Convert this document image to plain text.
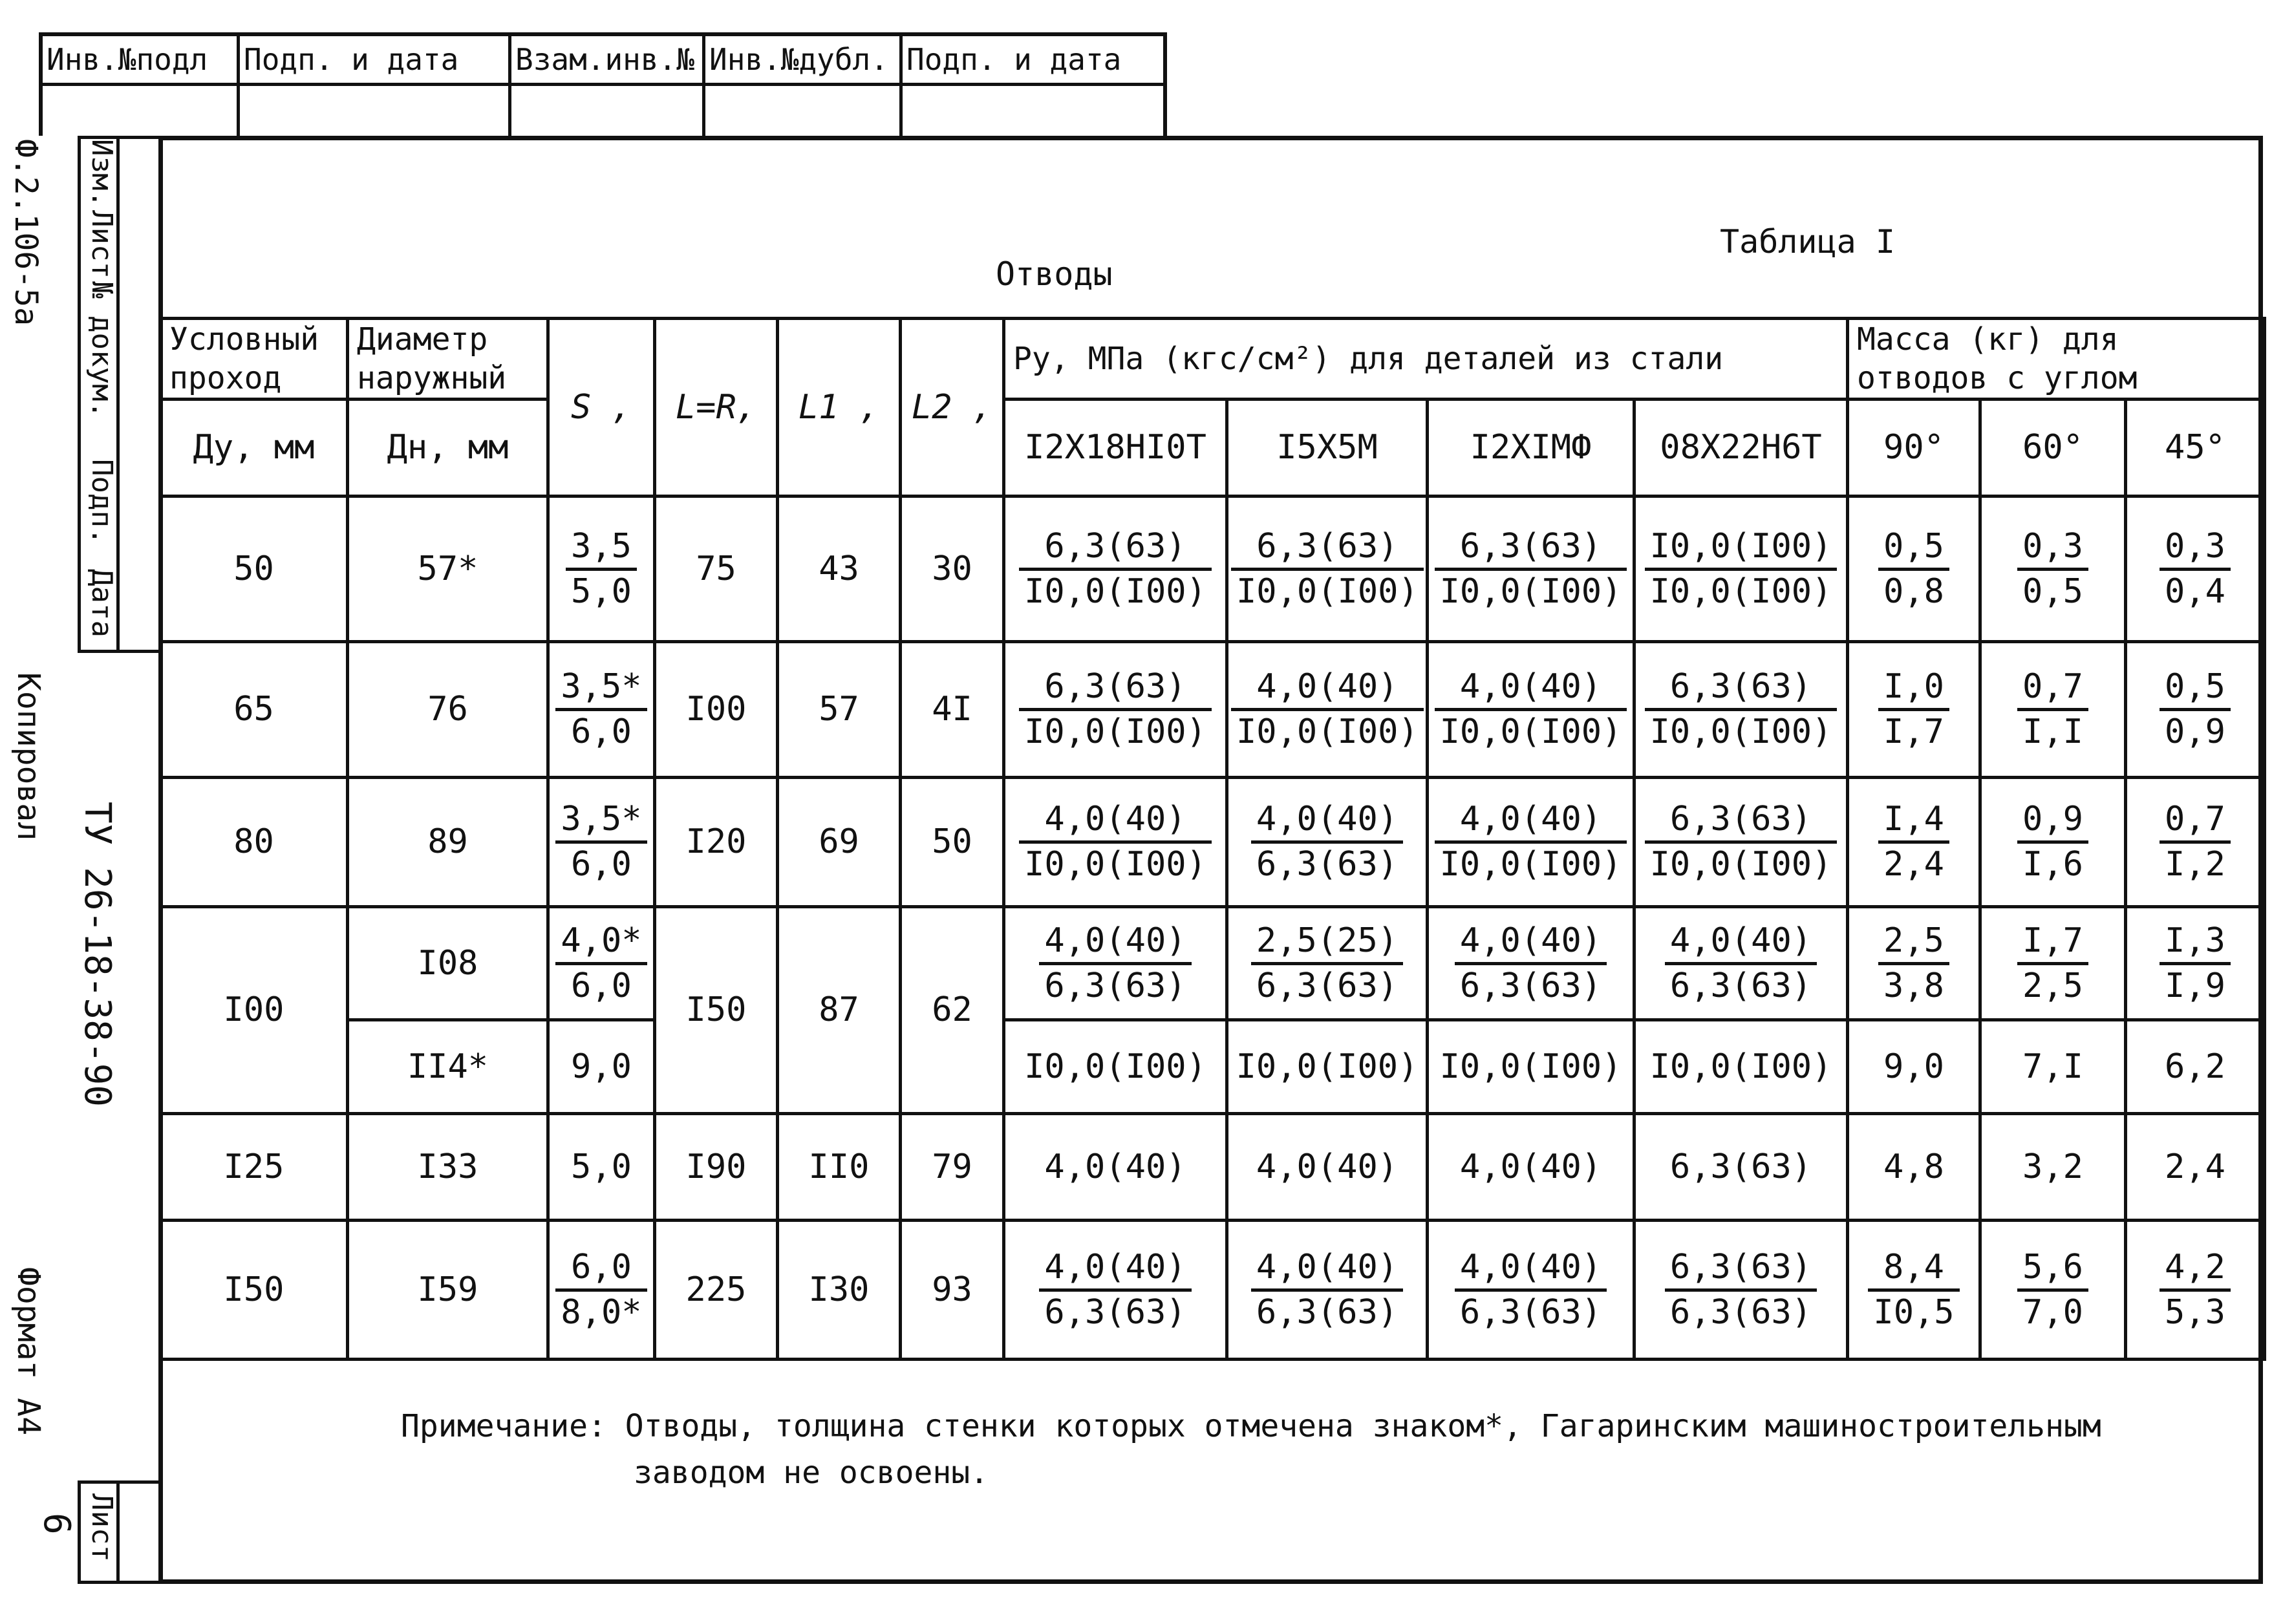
Инв.№подл	Подп. и дата	Взам.инв.№ Инв.№дубл. Подп. и дата
Ф.2.106-5а Изм.
Лист
№ докум.
Подп.
Дата
Копировал
ТУ 26-18-38-90
Формат А4
Лист
6
Таблица I
Отводы
Условный проход	Диаметр наружный	S ,	L=R,	L1 ,	L2 ,	Ру, МПа (кгс/см²) для деталей из стали				Масса (кг) для отводов с углом		
Ду, мм	Дн, мм					I2X18HI0T	I5X5M	I2XIMФ	08X22H6T	90°	60°	45°
50	57*	$\frac{3,5}{5,0}$	75	43	30	$\frac{6,3(63)}{I0,0(I00)}$	$\frac{6,3(63)}{I0,0(I00)}$	$\frac{6,3(63)}{I0,0(I00)}$	$\frac{I0,0(I00)}{I0,0(I00)}$	$\frac{0,5}{0,8}$	$\frac{0,3}{0,5}$	$\frac{0,3}{0,4}$

65	76	$\frac{3,5*}{6,0}$	I00	57	4I	$\frac{6,3(63)}{I0,0(I00)}$	$\frac{4,0(40)}{I0,0(I00)}$	$\frac{4,0(40)}{I0,0(I00)}$	$\frac{6,3(63)}{I0,0(I00)}$	$\frac{I,0}{I,7}$	$\frac{0,7}{I,I}$	$\frac{0,5}{0,9}$

80	89	$\frac{3,5*}{6,0}$	I20	69	50	$\frac{4,0(40)}{I0,0(I00)}$	$\frac{4,0(40)}{6,3(63)}$	$\frac{4,0(40)}{I0,0(I00)}$	$\frac{6,3(63)}{I0,0(I00)}$	$\frac{I,4}{2,4}$	$\frac{0,9}{I,6}$	$\frac{0,7}{I,2}$

I00	I08	$\frac{4,0*}{6,0}$	I50	87	62	$\frac{4,0(40)}{6,3(63)}$	$\frac{2,5(25)}{6,3(63)}$	$\frac{4,0(40)}{6,3(63)}$	$\frac{4,0(40)}{6,3(63)}$	$\frac{2,5}{3,8}$	$\frac{I,7}{2,5}$	$\frac{I,3}{I,9}$

	II4*	9,0				I0,0(I00)	I0,0(I00)	I0,0(I00)	I0,0(I00)	9,0	7,I	6,2
I25	I33	5,0	I90	II0	79	4,0(40)	4,0(40)	4,0(40)	6,3(63)	4,8	3,2	2,4
I50	I59	$\frac{6,0}{8,0*}$	225	I30	93	$\frac{4,0(40)}{6,3(63)}$	$\frac{4,0(40)}{6,3(63)}$	$\frac{4,0(40)}{6,3(63)}$	$\frac{6,3(63)}{6,3(63)}$	$\frac{8,4}{I0,5}$	$\frac{5,6}{7,0}$	$\frac{4,2}{5,3}$
Примечание: Отводы, толщина стенки которых отмечена знаком*, Гагаринским машиностроительным
заводом не освоены.
